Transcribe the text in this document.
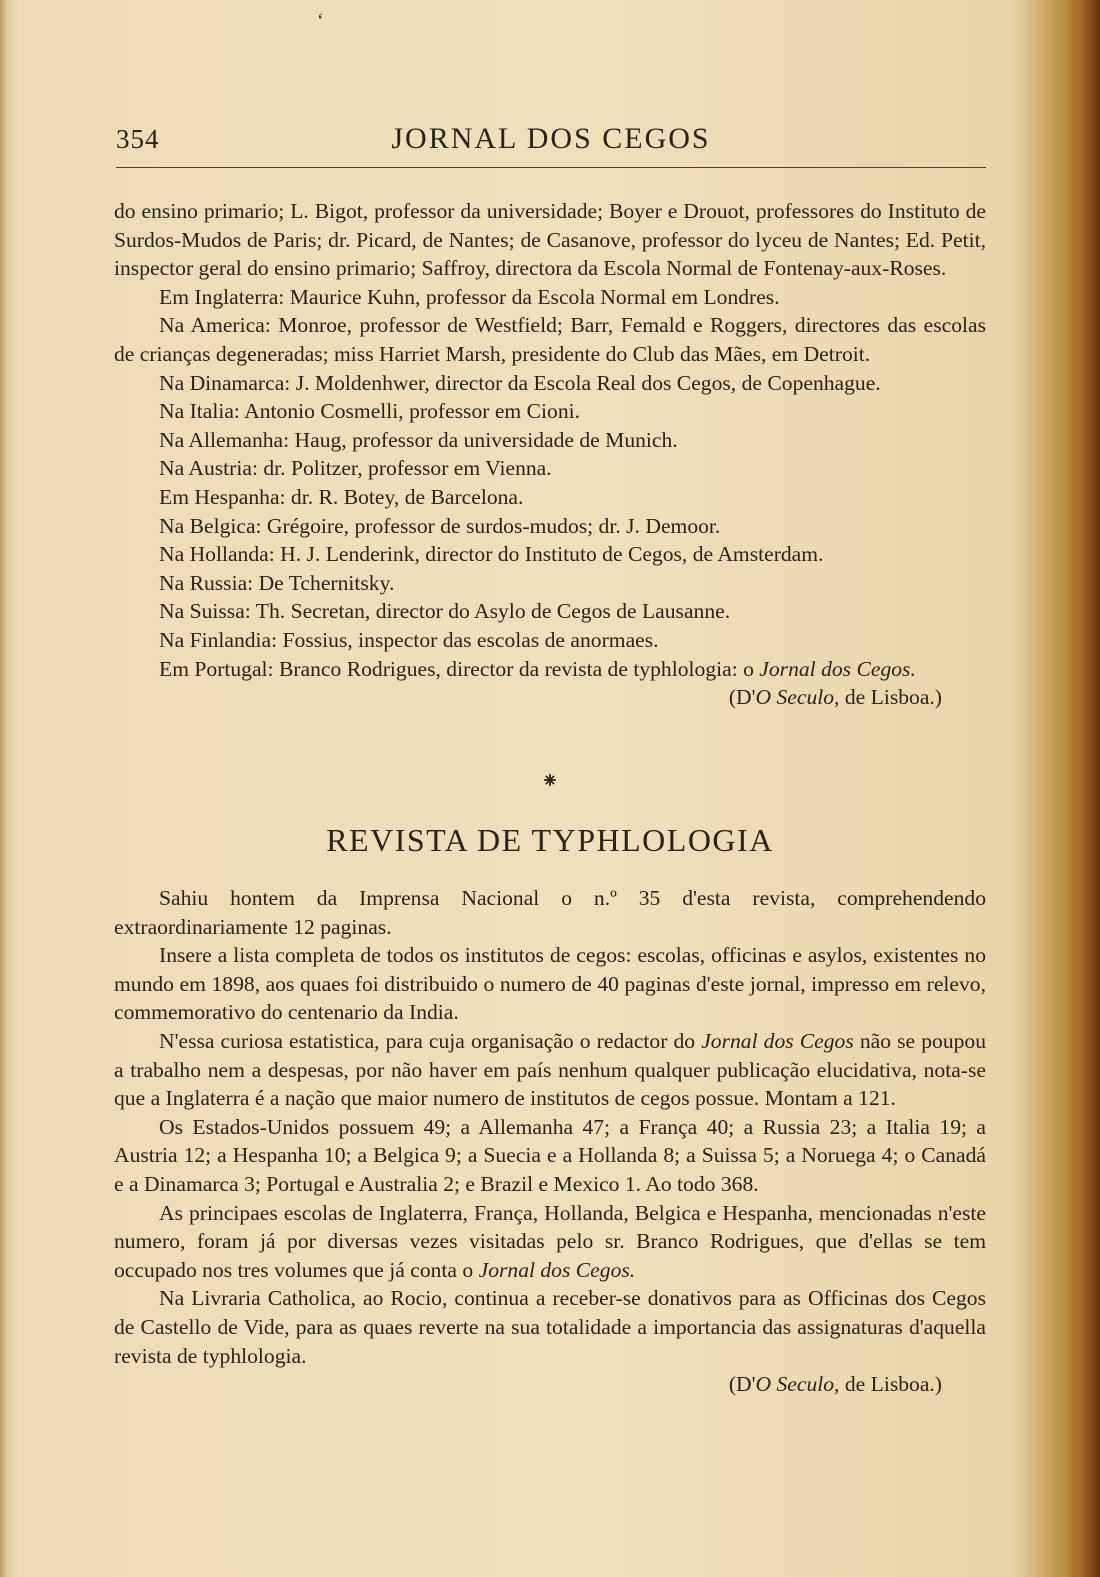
ʻ
354	JORNAL DOS CEGOS

do ensino primario; L. Bigot, professor da universidade; Boyer e Drouot, professores do Instituto de Surdos-Mudos de Paris; dr. Picard, de Nantes; de Casanove, professor do lyceu de Nantes; Ed. Petit, inspector geral do ensino primario; Saffroy, directora da Escola Normal de Fontenay-aux-Roses.

Em Inglaterra: Maurice Kuhn, professor da Escola Normal em Londres.

Na America: Monroe, professor de Westfield; Barr, Femald e Roggers, directores das escolas de crianças degeneradas; miss Harriet Marsh, presidente do Club das Mães, em Detroit.

Na Dinamarca: J. Moldenhwer, director da Escola Real dos Cegos, de Copenhague.

Na Italia: Antonio Cosmelli, professor em Cioni.

Na Allemanha: Haug, professor da universidade de Munich.

Na Austria: dr. Politzer, professor em Vienna.

Em Hespanha: dr. R. Botey, de Barcelona.

Na Belgica: Grégoire, professor de surdos-mudos; dr. J. Demoor.

Na Hollanda: H. J. Lenderink, director do Instituto de Cegos, de Amsterdam.

Na Russia: De Tchernitsky.

Na Suissa: Th. Secretan, director do Asylo de Cegos de Lausanne.

Na Finlandia: Fossius, inspector das escolas de anormaes.

Em Portugal: Branco Rodrigues, director da revista de typhlologia: o Jornal dos Cegos.

(D'O Seculo, de Lisboa.)

⁕
REVISTA DE TYPHLOLOGIA

Sahiu hontem da Imprensa Nacional o n.º 35 d'esta revista, comprehendendo extraordinariamente 12 paginas.

Insere a lista completa de todos os institutos de cegos: escolas, officinas e asylos, existentes no mundo em 1898, aos quaes foi distribuido o numero de 40 paginas d'este jornal, impresso em relevo, commemorativo do centenario da India.

N'essa curiosa estatistica, para cuja organisação o redactor do Jornal dos Cegos não se poupou a trabalho nem a despesas, por não haver em país nenhum qualquer publicação elucidativa, nota-se que a Inglaterra é a nação que maior numero de institutos de cegos possue. Montam a 121.

Os Estados-Unidos possuem 49; a Allemanha 47; a França 40; a Russia 23; a Italia 19; a Austria 12; a Hespanha 10; a Belgica 9; a Suecia e a Hollanda 8; a Suissa 5; a Noruega 4; o Canadá e a Dinamarca 3; Portugal e Australia 2; e Brazil e Mexico 1. Ao todo 368.

As principaes escolas de Inglaterra, França, Hollanda, Belgica e Hespanha, mencionadas n'este numero, foram já por diversas vezes visitadas pelo sr. Branco Rodrigues, que d'ellas se tem occupado nos tres volumes que já conta o Jornal dos Cegos.

Na Livraria Catholica, ao Rocio, continua a receber-se donativos para as Officinas dos Cegos de Castello de Vide, para as quaes reverte na sua totalidade a importancia das assignaturas d'aquella revista de typhlologia.

(D'O Seculo, de Lisboa.)
